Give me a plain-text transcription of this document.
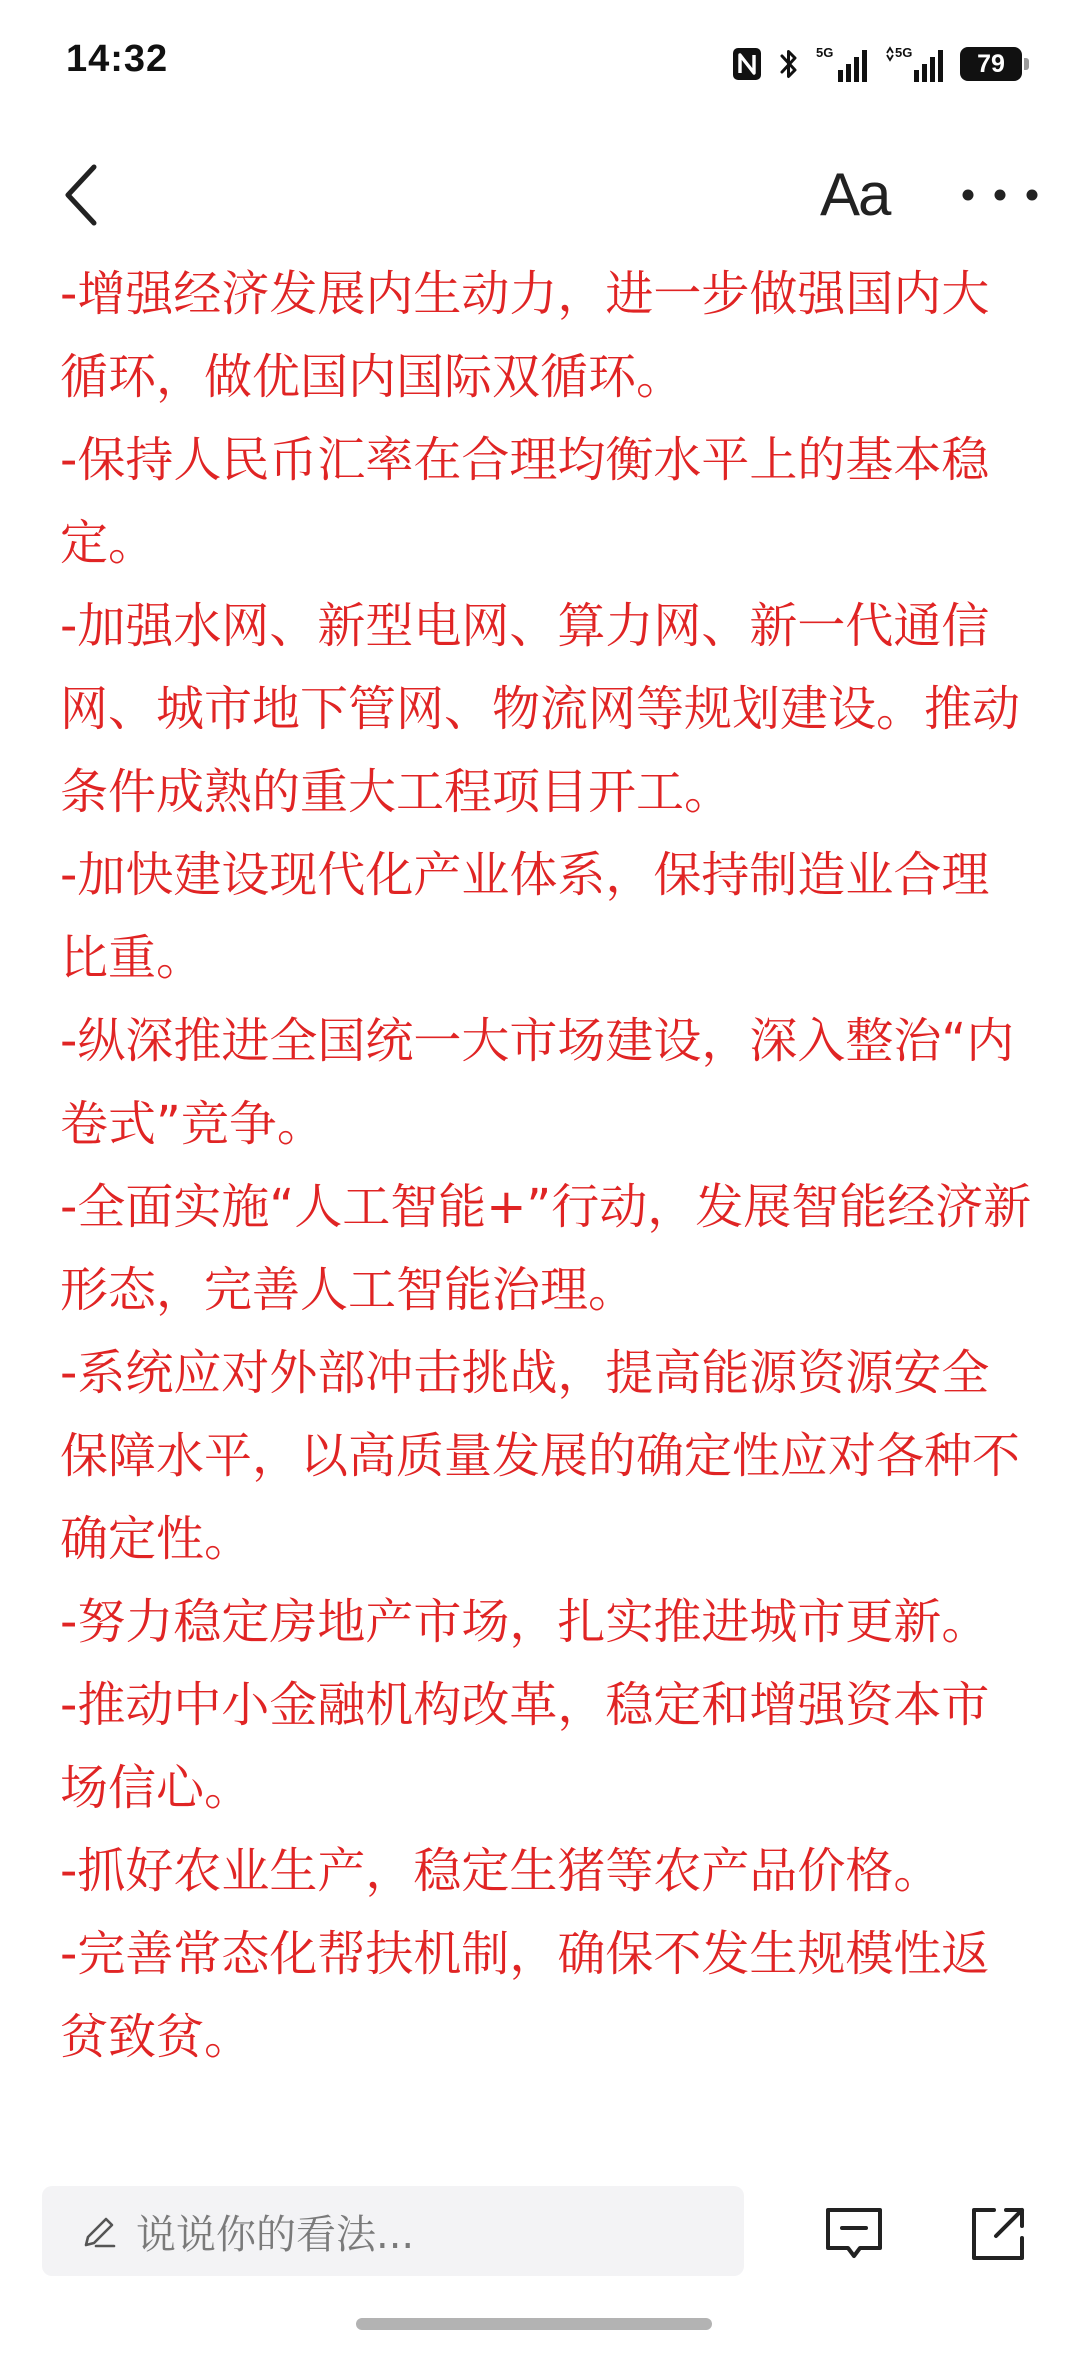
14:32	5G	5G	79
-增强经济发展内生动力，进一步做强国内大
循环，做优国内国际双循环。
-保持人民币汇率在合理均衡水平上的基本稳
定。
-加强水网、新型电网、算力网、新一代通信
网、城市地下管网、物流网等规划建设。推动
条件成熟的重大工程项目开工。
-加快建设现代化产业体系，保持制造业合理
比重。
-纵深推进全国统一大市场建设，深入整治“内
卷式”竞争。
-全面实施“人工智能+”行动，发展智能经济新
形态，完善人工智能治理。
-系统应对外部冲击挑战，提高能源资源安全
保障水平，以高质量发展的确定性应对各种不
确定性。
-努力稳定房地产市场，扎实推进城市更新。
-推动中小金融机构改革，稳定和增强资本市
场信心。
-抓好农业生产，稳定生猪等农产品价格。
-完善常态化帮扶机制，确保不发生规模性返
贫致贫。
Aa
说说你的看法...
